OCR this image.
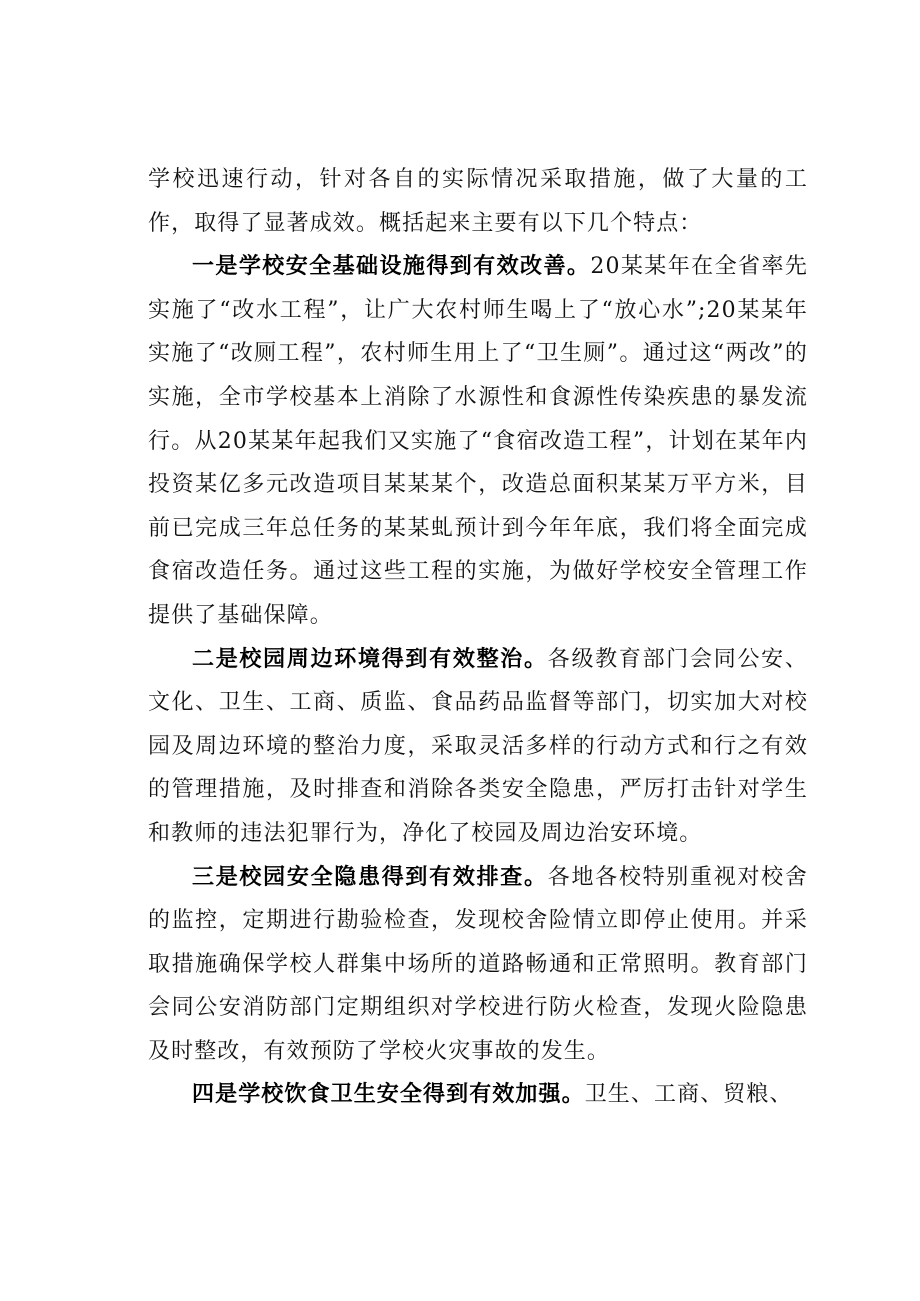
学校迅速行动，针对各自的实际情况采取措施，做了大量的工作，取得了显著成效。概括起来主要有以下几个特点：

一是学校安全基础设施得到有效改善。20某某年在全省率先实施了“改水工程”，让广大农村师生喝上了“放心水”;20某某年实施了“改厕工程”，农村师生用上了“卫生厕”。通过这“两改”的实施，全市学校基本上消除了水源性和食源性传染疾患的暴发流行。从20某某年起我们又实施了“食宿改造工程”，计划在某年内投资某亿多元改造项目某某某个，改造总面积某某万平方米，目前已完成三年总任务的某某虬预计到今年年底，我们将全面完成食宿改造任务。通过这些工程的实施，为做好学校安全管理工作提供了基础保障。

二是校园周边环境得到有效整治。各级教育部门会同公安、文化、卫生、工商、质监、食品药品监督等部门，切实加大对校园及周边环境的整治力度，采取灵活多样的行动方式和行之有效的管理措施，及时排查和消除各类安全隐患，严厉打击针对学生和教师的违法犯罪行为，净化了校园及周边治安环境。

三是校园安全隐患得到有效排查。各地各校特别重视对校舍的监控，定期进行勘验检查，发现校舍险情立即停止使用。并采取措施确保学校人群集中场所的道路畅通和正常照明。教育部门会同公安消防部门定期组织对学校进行防火检查，发现火险隐患及时整改，有效预防了学校火灾事故的发生。

四是学校饮食卫生安全得到有效加强。卫生、工商、贸粮、
